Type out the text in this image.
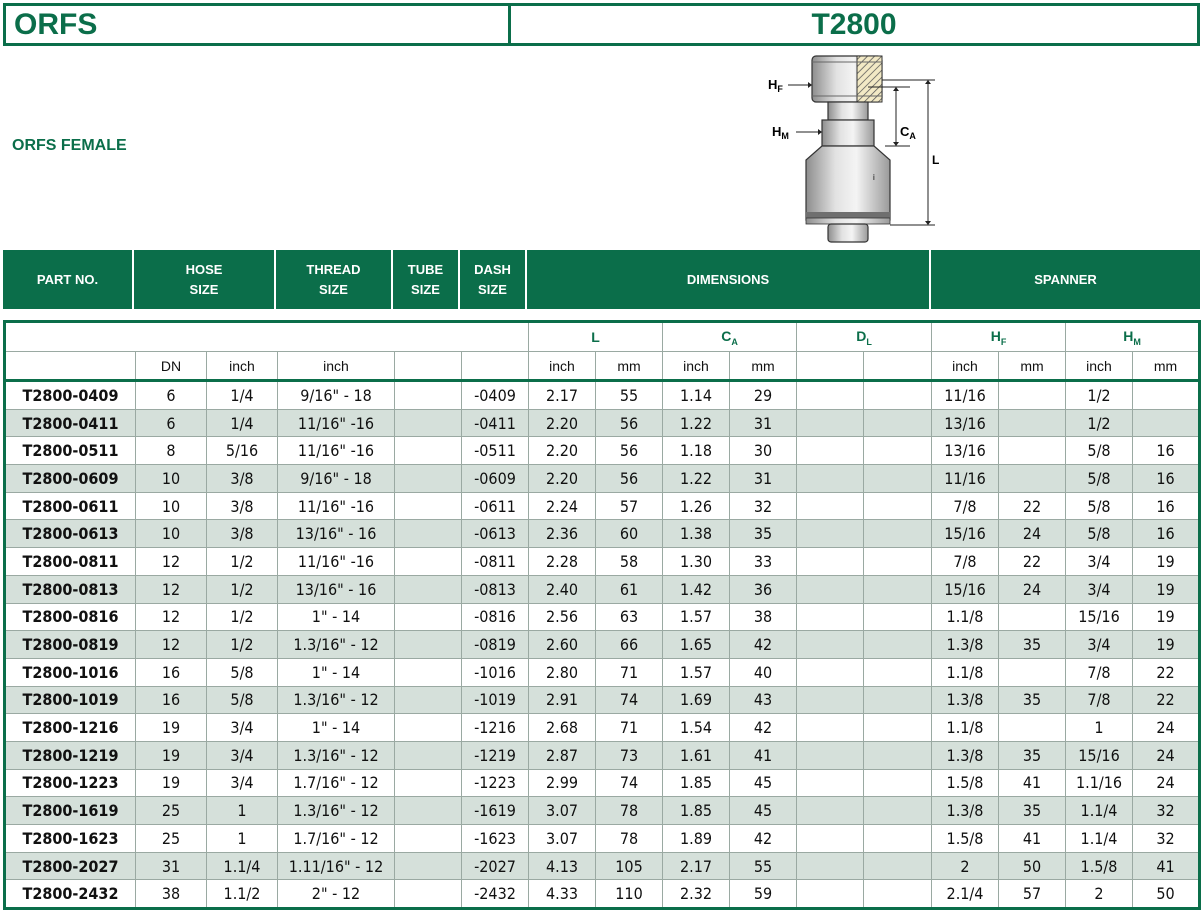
ORFS	T2800
ORFS FEMALE
$H_F$
$H_M$	$C_A$
L
i
PART NO.
HOSE
SIZE
THREAD
SIZE
TUBE
SIZE
DASH
SIZE
DIMENSIONS	SPANNER
						L		$C_A$		$D_L$		$H_F$		$H_M$
	DN	inch	inch			inch	mm	inch	mm			inch	mm	inch	mm
T2800-0409	6	1/4	9/16" - 18		-0409	2.17	55	1.14	29			11/16		1/2	
T2800-0411	6	1/4	11/16" -16		-0411	2.20	56	1.22	31			13/16		1/2	
T2800-0511	8	5/16	11/16" -16		-0511	2.20	56	1.18	30			13/16		5/8	16
T2800-0609	10	3/8	9/16" - 18		-0609	2.20	56	1.22	31			11/16		5/8	16
T2800-0611	10	3/8	11/16" -16		-0611	2.24	57	1.26	32			7/8	22	5/8	16
T2800-0613	10	3/8	13/16" - 16		-0613	2.36	60	1.38	35			15/16	24	5/8	16
T2800-0811	12	1/2	11/16" -16		-0811	2.28	58	1.30	33			7/8	22	3/4	19
T2800-0813	12	1/2	13/16" - 16		-0813	2.40	61	1.42	36			15/16	24	3/4	19
T2800-0816	12	1/2	1" - 14		-0816	2.56	63	1.57	38			1.1/8		15/16	19
T2800-0819	12	1/2	1.3/16" - 12		-0819	2.60	66	1.65	42			1.3/8	35	3/4	19
T2800-1016	16	5/8	1" - 14		-1016	2.80	71	1.57	40			1.1/8		7/8	22
T2800-1019	16	5/8	1.3/16" - 12		-1019	2.91	74	1.69	43			1.3/8	35	7/8	22
T2800-1216	19	3/4	1" - 14		-1216	2.68	71	1.54	42			1.1/8		1	24
T2800-1219	19	3/4	1.3/16" - 12		-1219	2.87	73	1.61	41			1.3/8	35	15/16	24
T2800-1223	19	3/4	1.7/16" - 12		-1223	2.99	74	1.85	45			1.5/8	41	1.1/16	24
T2800-1619	25	1	1.3/16" - 12		-1619	3.07	78	1.85	45			1.3/8	35	1.1/4	32
T2800-1623	25	1	1.7/16" - 12		-1623	3.07	78	1.89	42			1.5/8	41	1.1/4	32
T2800-2027	31	1.1/4	1.11/16" - 12		-2027	4.13	105	2.17	55			2	50	1.5/8	41
T2800-2432	38	1.1/2	2" - 12		-2432	4.33	110	2.32	59			2.1/4	57	2	50
